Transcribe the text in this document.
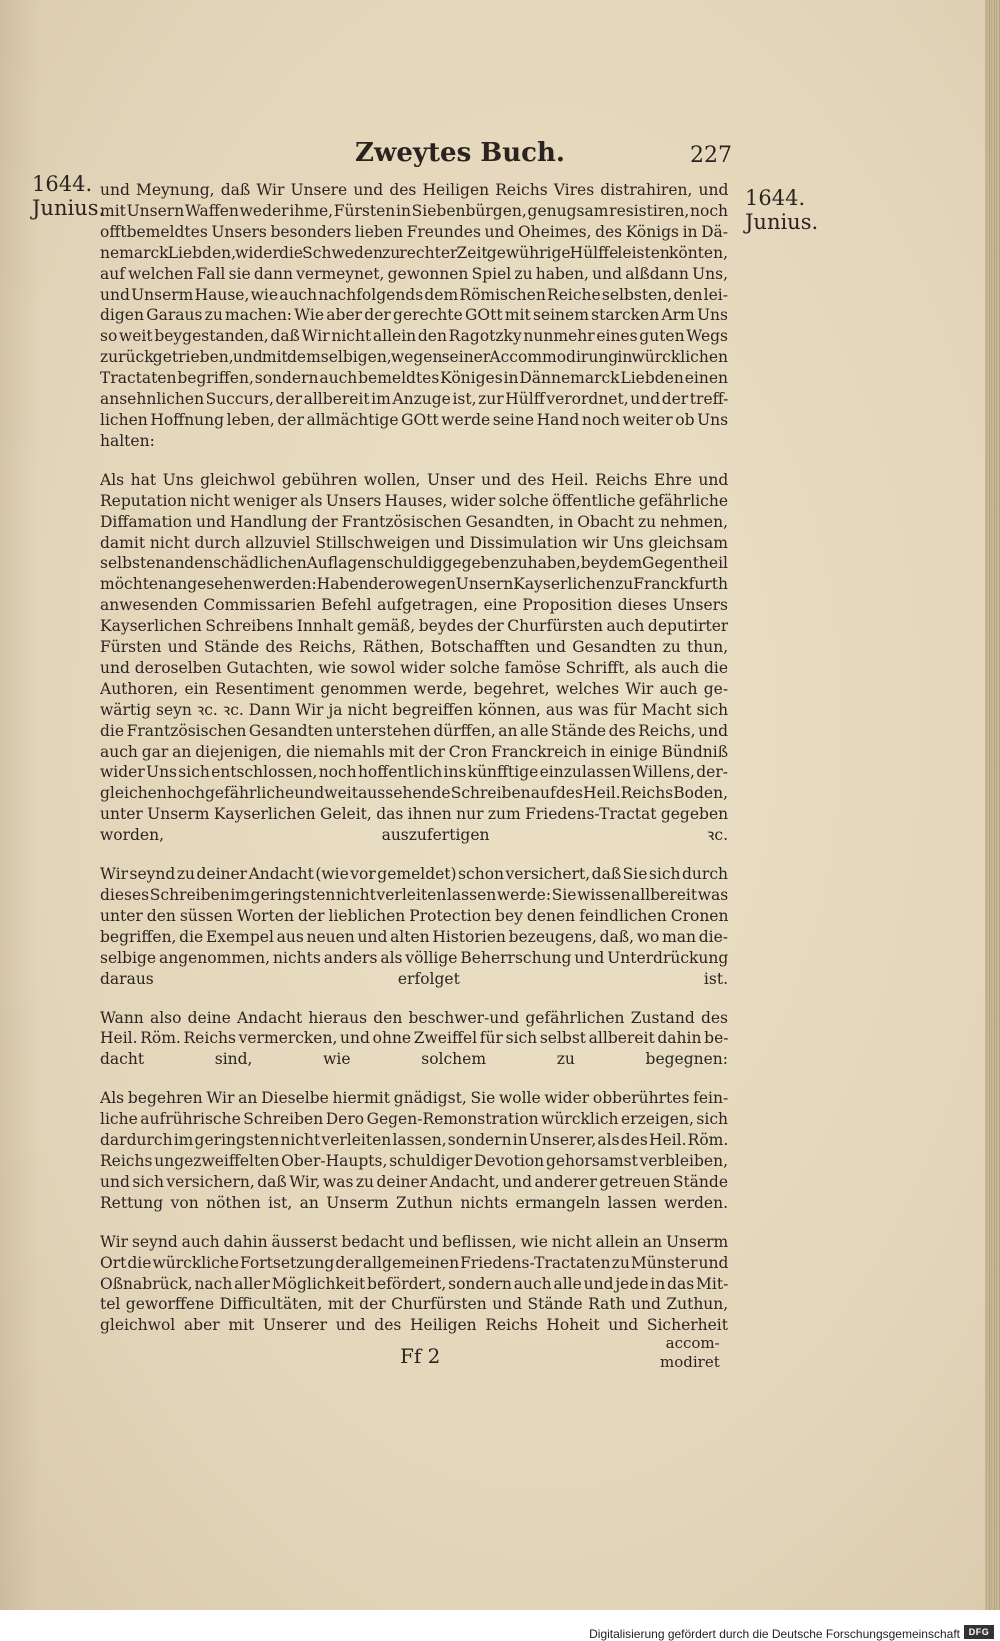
Zweytes Buch.	227
1644.
Junius.	1644.
Junius.

und Meynung, daß Wir Unsere und des Heiligen Reichs Vires distrahiren, und
mit Unsern Waffen weder ihme, Fürsten in Siebenbürgen, genugsam resistiren, noch
offtbemeldtes Unsers besonders lieben Freundes und Oheimes, des Königs in Dä-
nemarck Liebden, wider die Schweden zu rechter Zeit gewührige Hülffe leisten könten,
auf welchen Fall sie dann vermeynet, gewonnen Spiel zu haben, und alßdann Uns,
und Unserm Hause, wie auch nachfolgends dem Römischen Reiche selbsten, den lei-
digen Garaus zu machen: Wie aber der gerechte GOtt mit seinem starcken Arm Uns
so weit beygestanden, daß Wir nicht allein den Ragotzky nunmehr eines guten Wegs
zurück getrieben, und mit demselbigen, wegen seiner Accommodirung in würcklichen
Tractaten begriffen, sondern auch bemeldtes Königes in Dännemarck Liebden einen
ansehnlichen Succurs, der allbereit im Anzuge ist, zur Hülff verordnet, und der treff-
lichen Hoffnung leben, der allmächtige GOtt werde seine Hand noch weiter ob Uns
halten:

Als hat Uns gleichwol gebühren wollen, Unser und des Heil. Reichs Ehre und
Reputation nicht weniger als Unsers Hauses, wider solche öffentliche gefährliche
Diffamation und Handlung der Frantzösischen Gesandten, in Obacht zu nehmen,
damit nicht durch allzuviel Stillschweigen und Dissimulation wir Uns gleichsam
selbsten an den schädlichen Auflagen schuldig gegeben zu haben, bey dem Gegentheil
möchten angesehen werden: Haben derowegen Unsern Kayserlichen zu Franckfurth
anwesenden Commissarien Befehl aufgetragen, eine Proposition dieses Unsers
Kayserlichen Schreibens Innhalt gemäß, beydes der Churfürsten auch deputirter
Fürsten und Stände des Reichs, Räthen, Botschafften und Gesandten zu thun,
und deroselben Gutachten, wie sowol wider solche famöse Schrifft, als auch die
Authoren, ein Resentiment genommen werde, begehret, welches Wir auch ge-
wärtig seyn ꝛc. ꝛc. Dann Wir ja nicht begreiffen können, aus was für Macht sich
die Frantzösischen Gesandten unterstehen dürffen, an alle Stände des Reichs, und
auch gar an diejenigen, die niemahls mit der Cron Franckreich in einige Bündniß
wider Uns sich entschlossen, noch hoffentlich ins künfftige einzulassen Willens, der-
gleichen hochgefährliche und weit aussehende Schreiben auf des Heil. Reichs Boden,
unter Unserm Kayserlichen Geleit, das ihnen nur zum Friedens-Tractat gegeben
worden, auszufertigen ꝛc.

Wir seynd zu deiner Andacht (wie vor gemeldet) schon versichert, daß Sie sich durch
dieses Schreiben im geringsten nicht verleiten lassen werde: Sie wissen allbereit was
unter den süssen Worten der lieblichen Protection bey denen feindlichen Cronen
begriffen, die Exempel aus neuen und alten Historien bezeugens, daß, wo man die-
selbige angenommen, nichts anders als völlige Beherrschung und Unterdrückung
daraus erfolget ist.

Wann also deine Andacht hieraus den beschwer-und gefährlichen Zustand des
Heil. Röm. Reichs vermercken, und ohne Zweiffel für sich selbst allbereit dahin be-
dacht sind, wie solchem zu begegnen:

Als begehren Wir an Dieselbe hiermit gnädigst, Sie wolle wider obberührtes fein-
liche aufrührische Schreiben Dero Gegen-Remonstration würcklich erzeigen, sich
dardurch im geringsten nicht verleiten lassen, sondern in Unserer, als des Heil. Röm.
Reichs ungezweiffelten Ober-Haupts, schuldiger Devotion gehorsamst verbleiben,
und sich versichern, daß Wir, was zu deiner Andacht, und anderer getreuen Stände
Rettung von nöthen ist, an Unserm Zuthun nichts ermangeln lassen werden.

Wir seynd auch dahin äusserst bedacht und beflissen, wie nicht allein an Unserm
Ort die würckliche Fortsetzung der allgemeinen Friedens-Tractaten zu Münster und
Oßnabrück, nach aller Möglichkeit befördert, sondern auch alle und jede in das Mit-
tel geworffene Difficultäten, mit der Churfürsten und Stände Rath und Zuthun,
gleichwol aber mit Unserer und des Heiligen Reichs Hoheit und Sicherheit

accom-
modiret
Ff 2
Digitalisierung gefördert durch die Deutsche Forschungsgemeinschaft DFG
